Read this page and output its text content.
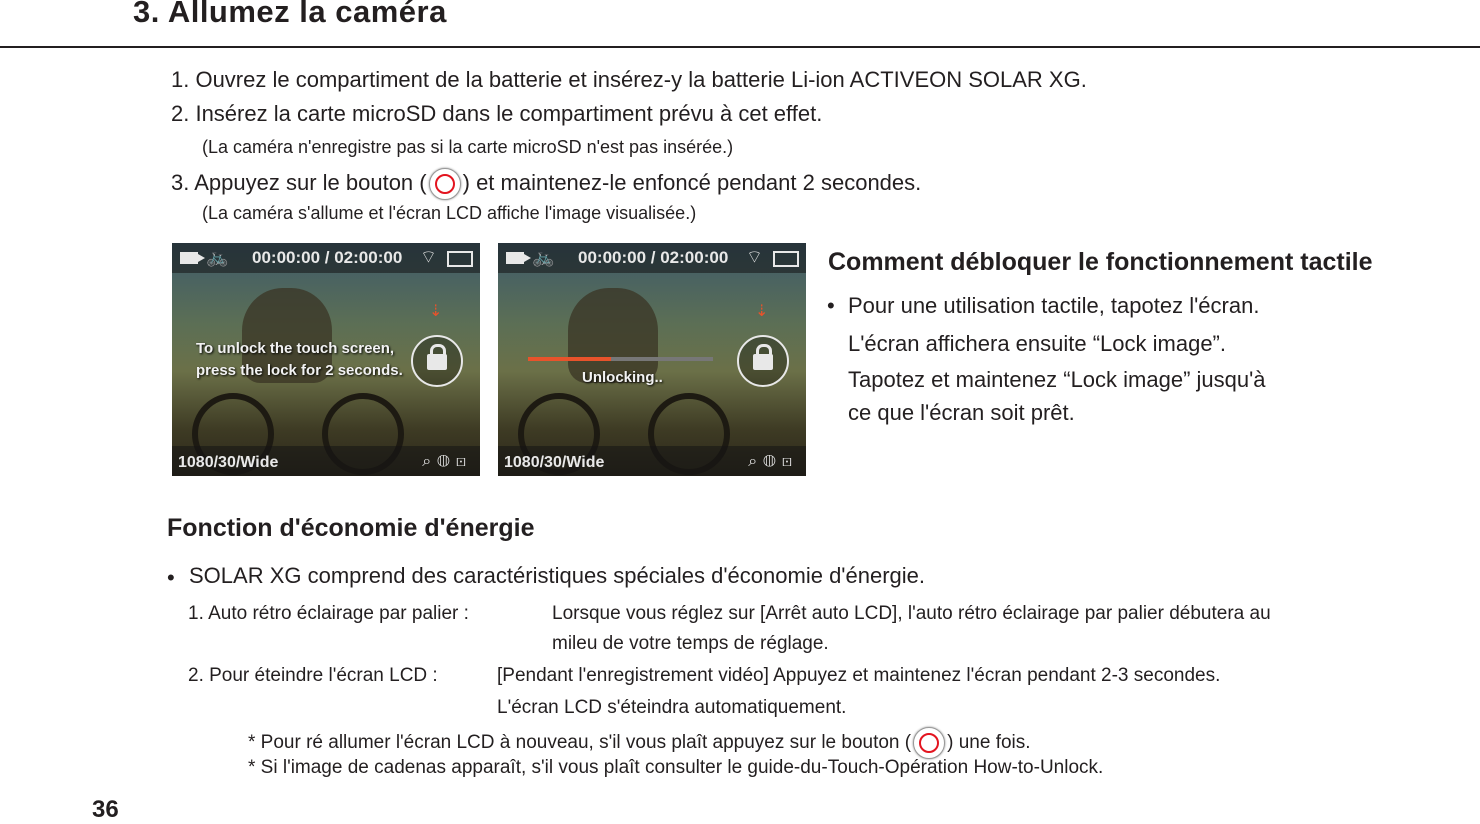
3. Allumez la caméra
1. Ouvrez le compartiment de la batterie et insérez-y la batterie Li-ion ACTIVEON SOLAR XG.
2. Insérez la carte microSD dans le compartiment prévu à cet effet.
(La caméra n'enregistre pas si la carte microSD n'est pas insérée.)
3. Appuyez sur le bouton ( ) et maintenez-le enfoncé pendant 2 secondes.
(La caméra s'allume et l'écran LCD affiche l'image visualisée.)
🚲 00:00:00 / 02:00:00 ⌔
To unlock the touch screen,
press the lock for 2 seconds.
⇣
1080/30/Wide	⌕◍⊡
🚲 00:00:00 / 02:00:00 ⌔
Unlocking..
⇣
1080/30/Wide	⌕◍⊡
Comment débloquer le fonctionnement tactile
• Pour une utilisation tactile, tapotez l'écran.
L'écran affichera ensuite “Lock image”.
Tapotez et maintenez “Lock image” jusqu'à
ce que l'écran soit prêt.
Fonction d'économie d'énergie
• SOLAR XG comprend des caractéristiques spéciales d'économie d'énergie.
1. Auto rétro éclairage par palier :	Lorsque vous réglez sur [Arrêt auto LCD], l'auto rétro éclairage par palier débutera au
mileu de votre temps de réglage.
2. Pour éteindre l'écran LCD :	[Pendant l'enregistrement vidéo] Appuyez et maintenez l'écran pendant 2-3 secondes.
L'écran LCD s'éteindra automatiquement.
* Pour ré allumer l'écran LCD à nouveau, s'il vous plaît appuyez sur le bouton ( ) une fois.
* Si l'image de cadenas apparaît, s'il vous plaît consulter le guide-du-Touch-Opération How-to-Unlock.
36
